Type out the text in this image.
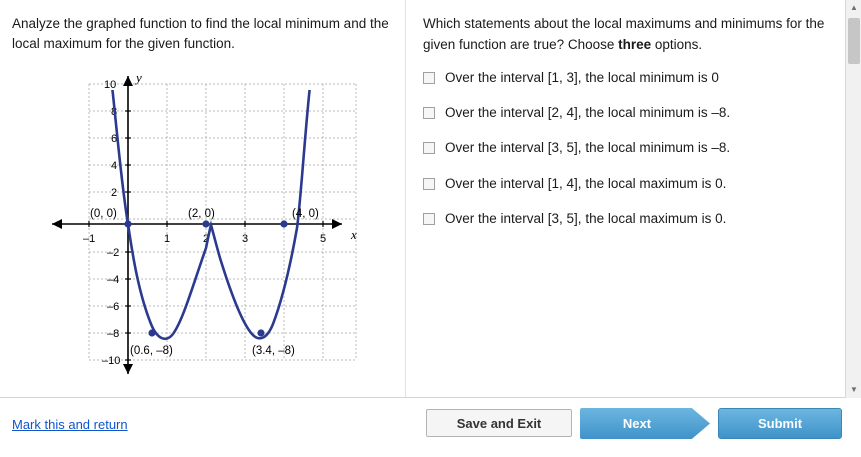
Analyze the graphed function to find the local minimum and the local maximum for the given function.
y
x
–1	1	2	3	5
10
8
6
4
2
–2
–4
–6
–8
–10
(0, 0)	(2, 0)	(4, 0)
(0.6, –8)	(3.4, –8)
Which statements about the local maximums and minimums for the given function are true? Choose three options.
Over the interval [1, 3], the local minimum is 0
Over the interval [2, 4], the local minimum is –8.
Over the interval [3, 5], the local minimum is –8.
Over the interval [1, 4], the local maximum is 0.
Over the interval [3, 5], the local maximum is 0.
▲
▼
Mark this and return	Save and Exit	Next	Submit
